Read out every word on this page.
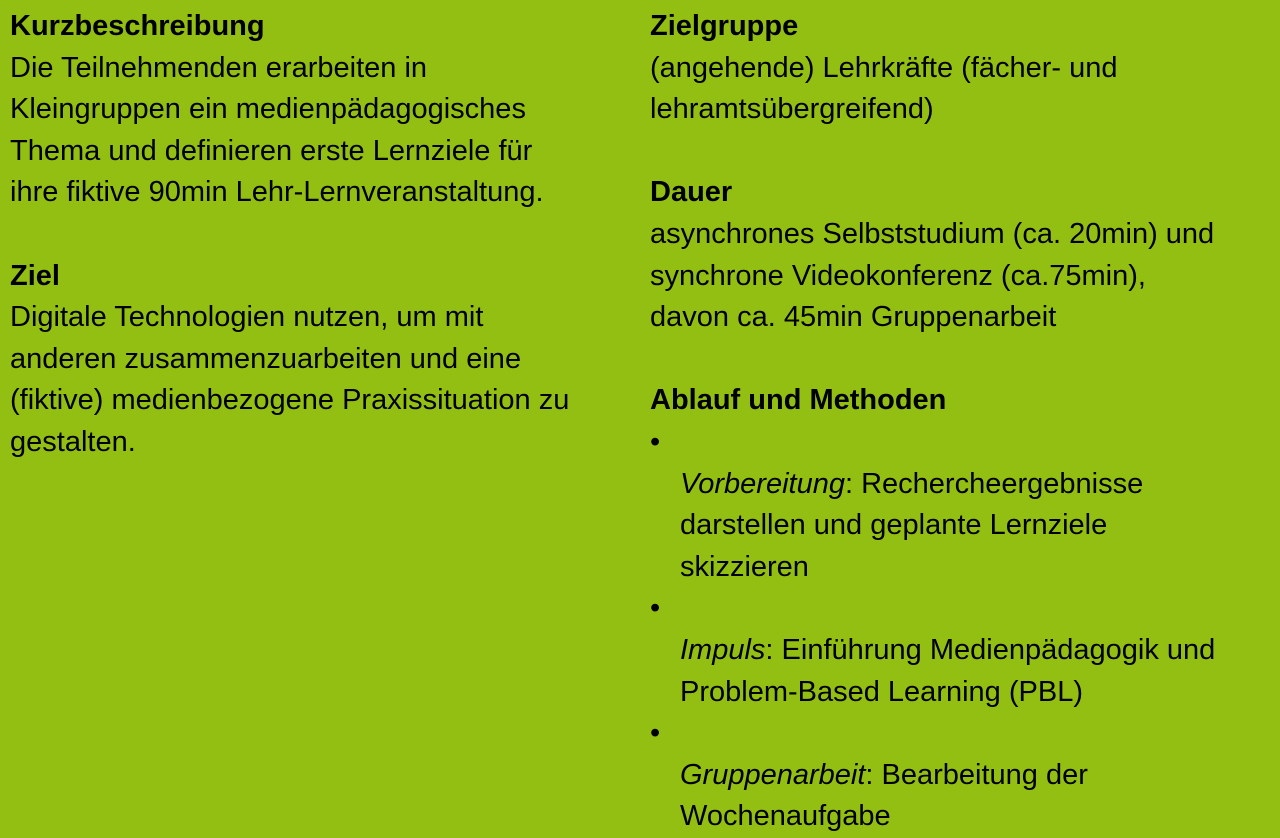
Kurzbeschreibung
Die Teilnehmenden erarbeiten in
Kleingruppen ein medienpädagogisches
Thema und definieren erste Lernziele für
ihre fiktive 90min Lehr-Lernveranstaltung.
Ziel
Digitale Technologien nutzen, um mit
anderen zusammenzuarbeiten und eine
(fiktive) medienbezogene Praxissituation zu
gestalten.
Zielgruppe
(angehende) Lehrkräfte (fächer- und
lehramtsübergreifend)
Dauer
asynchrones Selbststudium (ca. 20min) und
synchrone Videokonferenz (ca.75min),
davon ca. 45min Gruppenarbeit
Ablauf und Methoden

•
Vorbereitung: Rechercheergebnisse
darstellen und geplante Lernziele
skizzieren

•
Impuls: Einführung Medienpädagogik und
Problem-Based Learning (PBL)

•
Gruppenarbeit: Bearbeitung der
Wochenaufgabe
